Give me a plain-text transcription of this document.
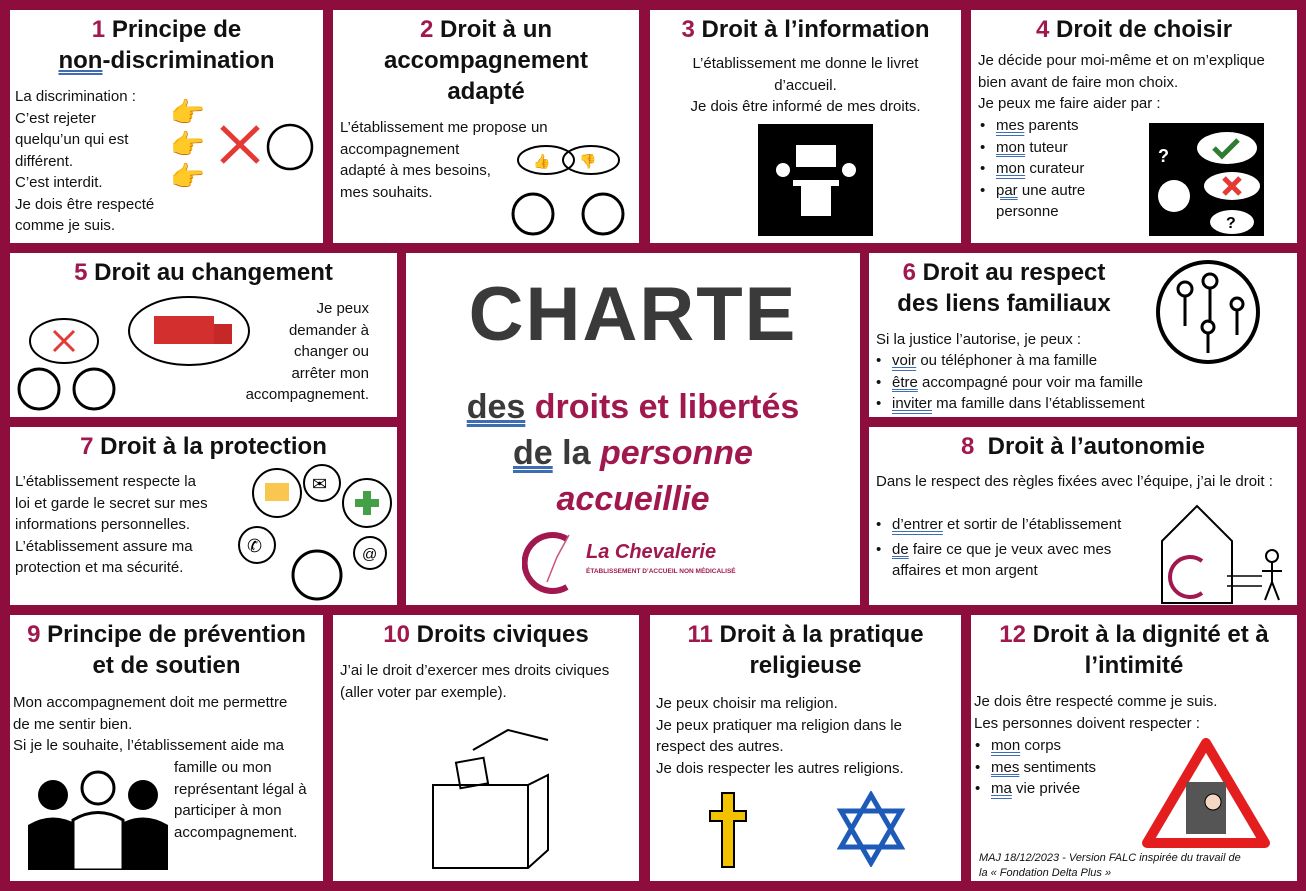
1 Principe de
non-discrimination
La discrimination :
C’est rejeter
quelqu’un qui est
différent.
C’est interdit.
Je dois être respecté
comme je suis.
👉
👉
👉
2 Droit à un
accompagnement
adapté
L’établissement me propose un
accompagnement
adapté à mes besoins,
mes souhaits.
👍 👎
3 Droit à l’information
L’établissement me donne le livret
d’accueil.
Je dois être informé de mes droits.
4 Droit de choisir
Je décide pour moi-même et on m’explique
bien avant de faire mon choix.
Je peux me faire aider par :
• mes parents
• mon tuteur
• mon curateur
• par une autre personne
?
?
5 Droit au changement
Je peux
demander à
changer ou
arrêter mon
accompagnement.
7 Droit à la protection
L’établissement respecte la
loi et garde le secret sur mes
informations personnelles.
L’établissement assure ma
protection et ma sécurité.
✉
✆	@
CHARTE
des droits et libertés
de la personne
accueillie
La Chevalerie
ÉTABLISSEMENT D’ACCUEIL NON MÉDICALISÉ
6 Droit au respect
des liens familiaux
Si la justice l’autorise, je peux :
• voir ou téléphoner à ma famille
• être accompagné pour voir ma famille
• inviter ma famille dans l’établissement
8 Droit à l’autonomie
Dans le respect des règles fixées avec l’équipe, j’ai le droit :
• d’entrer et sortir de l’établissement
• de faire ce que je veux avec mes affaires et mon argent
9 Principe de prévention
et de soutien
Mon accompagnement doit me permettre
de me sentir bien.
Si je le souhaite, l’établissement aide ma
famille ou mon
représentant légal à
participer à mon
accompagnement.
10 Droits civiques
J’ai le droit d’exercer mes droits civiques
(aller voter par exemple).
11 Droit à la pratique
religieuse
Je peux choisir ma religion.
Je peux pratiquer ma religion dans le
respect des autres.
Je dois respecter les autres religions.
12 Droit à la dignité et à
l’intimité
Je dois être respecté comme je suis.
Les personnes doivent respecter :
• mon corps
• mes sentiments
• ma vie privée
MAJ 18/12/2023 - Version FALC inspirée du travail de
la « Fondation Delta Plus »
